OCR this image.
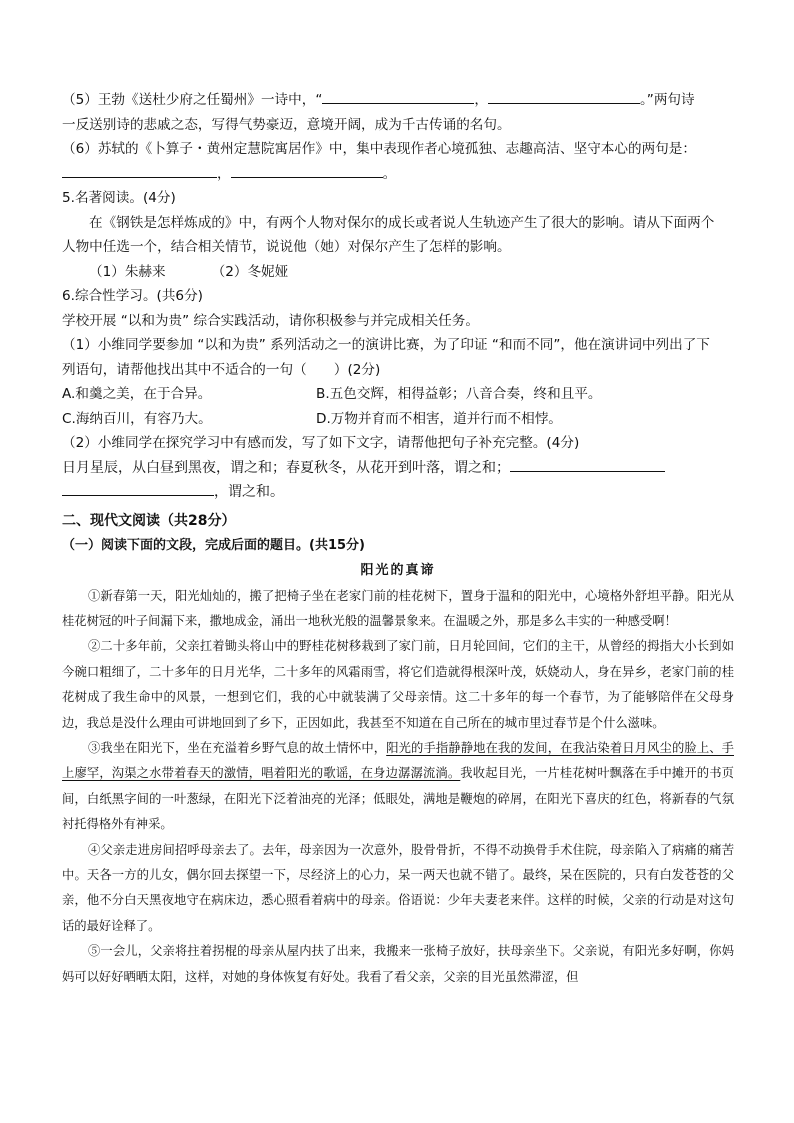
（5）王勃《送杜少府之任蜀州》一诗中，“	，	。”两句诗
一反送别诗的悲戚之态，写得气势豪迈，意境开阔，成为千古传诵的名句。
（6）苏轼的《卜算子・黄州定慧院寓居作》中，集中表现作者心境孤独、志趣高洁、坚守本心的两句是：
，	。
5.名著阅读。(4分)
在《钢铁是怎样炼成的》中，有两个人物对保尔的成长或者说人生轨迹产生了很大的影响。请从下面两个
人物中任选一个，结合相关情节，说说他（她）对保尔产生了怎样的影响。
（1）朱赫来	（2）冬妮娅
6.综合性学习。(共6分)
学校开展 “以和为贵” 综合实践活动，请你积极参与并完成相关任务。
（1）小维同学要参加 “以和为贵” 系列活动之一的演讲比赛，为了印证 “和而不同”，他在演讲词中列出了下
列语句，请帮他找出其中不适合的一句（　　）(2分)
A.和羹之美，在于合异。	B.五色交辉，相得益彰；八音合奏，终和且平。
C.海纳百川，有容乃大。	D.万物并育而不相害，道并行而不相悖。
（2）小维同学在探究学习中有感而发，写了如下文字，请帮他把句子补充完整。(4分)
日月星辰，从白昼到黑夜，谓之和；春夏秋冬，从花开到叶落，谓之和；
，谓之和。
二、现代文阅读（共28分）
（一）阅读下面的文段，完成后面的题目。(共15分)
阳光的真谛

①新春第一天，阳光灿灿的，搬了把椅子坐在老家门前的桂花树下，置身于温和的阳光中，心境格外舒坦平静。阳光从桂花树冠的叶子间漏下来，撒地成金，涌出一地秋光般的温馨景象来。在温暖之外，那是多么丰实的一种感受啊！

②二十多年前，父亲扛着锄头将山中的野桂花树移栽到了家门前，日月轮回间，它们的主干，从曾经的拇指大小长到如今碗口粗细了，二十多年的日月光华，二十多年的风霜雨雪，将它们造就得根深叶茂，妖娆动人，身在异乡，老家门前的桂花树成了我生命中的风景，一想到它们，我的心中就装满了父母亲情。这二十多年的每一个春节，为了能够陪伴在父母身边，我总是没什么理由可讲地回到了乡下，正因如此，我甚至不知道在自己所在的城市里过春节是个什么滋味。

③我坐在阳光下，坐在充溢着乡野气息的故土情怀中，阳光的手指静静地在我的发间，在我沾染着日月风尘的脸上、手上廖罕，沟渠之水带着春天的激情，唱着阳光的歌谣，在身边潺潺流淌。我收起目光，一片桂花树叶飘落在手中摊开的书页间，白纸黑字间的一叶葱绿，在阳光下泛着油亮的光泽；低眼处，满地是鞭炮的碎屑，在阳光下喜庆的红色，将新春的气氛衬托得格外有神采。

④父亲走进房间招呼母亲去了。去年，母亲因为一次意外，股骨骨折，不得不动换骨手术住院，母亲陷入了病痛的痛苦中。天各一方的儿女，偶尔回去探望一下，尽经济上的心力，呆一两天也就不错了。最终，呆在医院的，只有白发苍苍的父亲，他不分白天黑夜地守在病床边，悉心照看着病中的母亲。俗语说：少年夫妻老来伴。这样的时候，父亲的行动是对这句话的最好诠释了。

⑤一会儿，父亲将拄着拐棍的母亲从屋内扶了出来，我搬来一张椅子放好，扶母亲坐下。父亲说，有阳光多好啊，你妈妈可以好好晒晒太阳，这样，对她的身体恢复有好处。我看了看父亲，父亲的目光虽然滞涩，但
